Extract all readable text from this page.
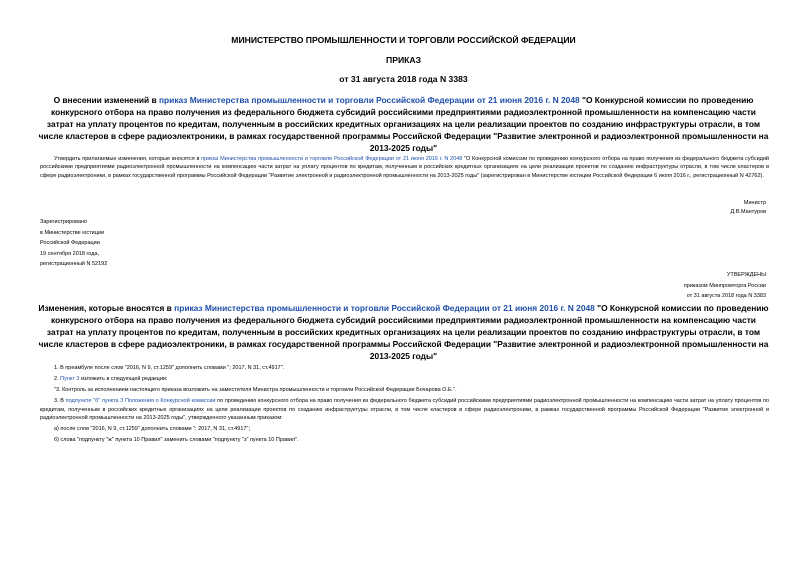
МИНИСТЕРСТВО ПРОМЫШЛЕННОСТИ И ТОРГОВЛИ РОССИЙСКОЙ ФЕДЕРАЦИИ
ПРИКАЗ
от 31 августа 2018 года N 3383
О внесении изменений в приказ Министерства промышленности и торговли Российской Федерации от 21 июня 2016 г. N 2048 "О Конкурсной комиссии по проведению конкурсного отбора на право получения из федерального бюджета субсидий российскими предприятиями радиоэлектронной промышленности на компенсацию части затрат на уплату процентов по кредитам, полученным в российских кредитных организациях на цели реализации проектов по созданию инфраструктуры отрасли, в том числе кластеров в сфере радиоэлектроники, в рамках государственной программы Российской Федерации "Развитие электронной и радиоэлектронной промышленности на 2013-2025 годы"
Утвердить прилагаемые изменения, которые вносятся в приказ Министерства промышленности и торговли Российской Федерации от 21 июня 2016 г. N 2048 "О Конкурсной комиссии по проведению конкурсного отбора на право получения из федерального бюджета субсидий российскими предприятиями радиоэлектронной промышленности на компенсацию части затрат на уплату процентов по кредитам, полученным в российских кредитных организациях на цели реализации проектов по созданию инфраструктуры отрасли, в том числе кластеров в сфере радиоэлектроники, в рамках государственной программы Российской Федерации "Развитие электронной и радиоэлектронной промышленности на 2013-2025 годы" (зарегистрирован в Министерстве юстиции Российской Федерации 6 июля 2016 г., регистрационный N 42762).
Министр
Д.В.Мантуров
Зарегистрировано
в Министерстве юстиции
Российской Федерации
19 сентября 2018 года,
регистрационный N 52192
УТВЕРЖДЕНЫ
приказом Минпромторга России
от 31 августа 2018 года N 3383
Изменения, которые вносятся в приказ Министерства промышленности и торговли Российской Федерации от 21 июня 2016 г. N 2048 "О Конкурсной комиссии по проведению конкурсного отбора на право получения из федерального бюджета субсидий российскими предприятиями радиоэлектронной промышленности на компенсацию части затрат на уплату процентов по кредитам, полученным в российских кредитных организациях на цели реализации проектов по созданию инфраструктуры отрасли, в том числе кластеров в сфере радиоэлектроники, в рамках государственной программы Российской Федерации "Развитие электронной и радиоэлектронной промышленности на 2013-2025 годы"

1. В преамбуле после слов "2016, N 9, ст.1259" дополнить словами "; 2017, N 31, ст.4917".

2. Пункт 3 изложить в следующей редакции:

"3. Контроль за исполнением настоящего приказа возложить на заместителя Министра промышленности и торговли Российской Федерации Бочарова О.Е.".

3. В подпункте "б" пункта 3 Положения о Конкурсной комиссии по проведению конкурсного отбора на право получения из федерального бюджета субсидий российскими предприятиями радиоэлектронной промышленности на компенсацию части затрат на уплату процентов по кредитам, полученным в российских кредитных организациях на цели реализации проектов по созданию инфраструктуры отрасли, в том числе кластеров в сфере радиоэлектроники, в рамках государственной программы Российской Федерации "Развитие электронной и радиоэлектронной промышленности на 2013-2025 годы", утвержденного указанным приказом:

а) после слов "2016, N 9, ст.1259" дополнить словами "; 2017, N 31, ст.4917";

б) слова "подпункту "ж" пункта 10 Правил" заменить словами "подпункту "з" пункта 10 Правил".
